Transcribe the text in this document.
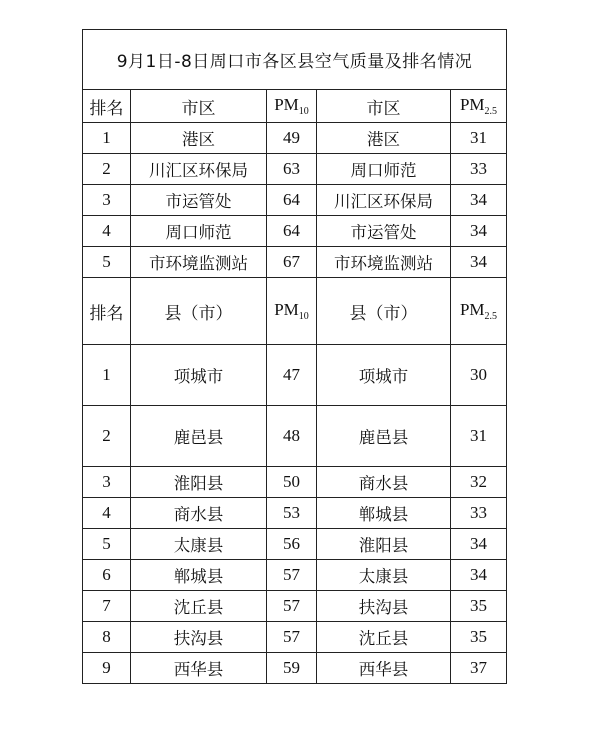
9月1日-8日周口市各区县空气质量及排名情况				
排名	市区	$PM_{10}$	市区	$PM_{2.5}$
1	港区	49	港区	31
2	川汇区环保局	63	周口师范	33
3	市运管处	64	川汇区环保局	34
4	周口师范	64	市运管处	34
5	市环境监测站	67	市环境监测站	34
排名	县（市）	$PM_{10}$	县（市）	$PM_{2.5}$
1	项城市	47	项城市	30
2	鹿邑县	48	鹿邑县	31
3	淮阳县	50	商水县	32
4	商水县	53	郸城县	33
5	太康县	56	淮阳县	34
6	郸城县	57	太康县	34
7	沈丘县	57	扶沟县	35
8	扶沟县	57	沈丘县	35
9	西华县	59	西华县	37
